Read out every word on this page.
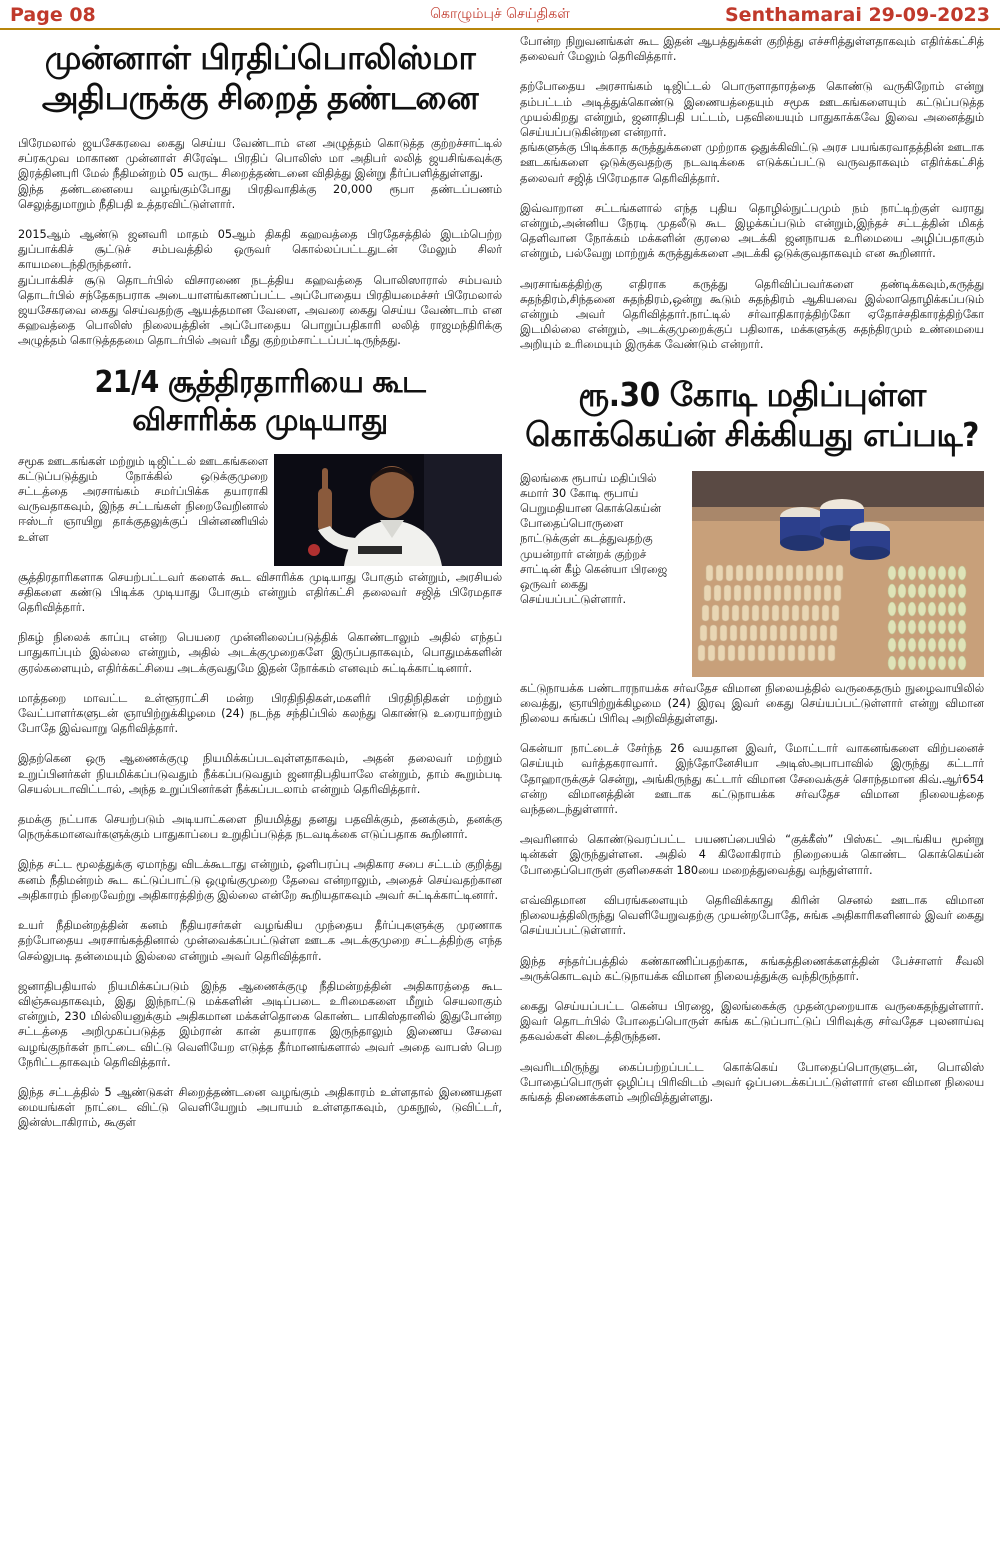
Page 08	கொழும்புச் செய்திகள்	Senthamarai 29-09-2023
முன்னாள் பிரதிப்பொலிஸ்மா
அதிபருக்கு சிறைத் தண்டனை

பிரேமலால் ஜயசேகரவை கைது செய்ய வேண்டாம் என அழுத்தம் கொடுத்த குற்றச்சாட்டில் சப்ரகமுவ மாகாண முன்னாள் சிரேஷ்ட பிரதிப் பொலிஸ் மா அதிபர் லலித் ஜயசிங்கவுக்கு இரத்தினபுரி மேல் நீதிமன்றம் 05 வருட சிறைத்தண்டனை விதித்து இன்று தீர்ப்பளித்துள்ளது.

இந்த தண்டனையை வழங்கும்போது பிரதிவாதிக்கு 20,000 ரூபா தண்டப்பணம் செலுத்துமாறும் நீதிபதி உத்தரவிட்டுள்ளார்.

2015ஆம் ஆண்டு ஜனவரி மாதம் 05ஆம் திகதி கஹவத்தை பிரதேசத்தில் இடம்பெற்ற துப்பாக்கிச் சூட்டுச் சம்பவத்தில் ஒருவர் கொல்லப்பட்டதுடன் மேலும் சிலர் காயமடைந்திருந்தனர்.

துப்பாக்கிச் சூடு தொடர்பில் விசாரணை நடத்திய கஹவத்தை பொலிஸாரால் சம்பவம் தொடர்பில் சந்தேகநபராக அடையாளங்காணப்பட்ட அப்போதைய பிரதியமைச்சர் பிரேமலால் ஜயசேகரவை கைது செய்வதற்கு ஆயத்தமான வேளை, அவரை கைது செய்ய வேண்டாம் என கஹவத்தை பொலிஸ் நிலையத்தின் அப்போதைய பொறுப்பதிகாரி லலித் ராஜமந்திரிக்கு அழுத்தம் கொடுத்ததமை தொடர்பில் அவர் மீது குற்றம்சாட்டப்பட்டிருந்தது.

21/4 சூத்திரதாரியை கூட
விசாரிக்க முடியாது

சமூக ஊடகங்கள் மற்றும் டிஜிட்டல் ஊடகங்களை கட்டுப்படுத்தும் நோக்கில் ஒடுக்குமுறை சட்டத்தை அரசாங்கம் சமர்ப்பிக்க தயாராகி வருவதாகவும், இந்த சட்டங்கள் நிறைவேறினால் ஈஸ்டர் ஞாயிறு தாக்குதலுக்குப் பின்னணியில் உள்ள

சூத்திரதாரிகளாக செயற்பட்டவர் களைக் கூட விசாரிக்க முடியாது போகும் என்றும், அரசியல் சதிகளை கண்டு பிடிக்க முடியாது போகும் என்றும் எதிர்கட்சி தலைவர் சஜித் பிரேமதாச தெரிவித்தார்.

நிகழ் நிலைக் காப்பு என்ற பெயரை முன்னிலைப்படுத்திக் கொண்டாலும் அதில் எந்தப் பாதுகாப்பும் இல்லை என்றும், அதில் அடக்குமுறைகளே இருப்பதாகவும், பொதுமக்களின் குரல்களையும், எதிர்க்கட்சியை அடக்குவதுமே இதன் நோக்கம் எனவும் சுட்டிக்காட்டினார்.

மாத்தறை மாவட்ட உள்ளூராட்சி மன்ற பிரதிநிதிகள்,மகளிர் பிரதிநிதிகள் மற்றும் வேட்பாளர்களுடன் ஞாயிற்றுக்கிழமை (24) நடந்த சந்திப்பில் கலந்து கொண்டு உரையாற்றும் போதே இவ்வாறு தெரிவித்தார்.

இதற்கென ஒரு ஆணைக்குழு நியமிக்கப்படவுள்ளதாகவும், அதன் தலைவர் மற்றும் உறுப்பினர்கள் நியமிக்கப்படுவதும் நீக்கப்படுவதும் ஜனாதிபதியாலே என்றும், தாம் கூறும்படி செயல்படாவிட்டால், அந்த உறுப்பினர்கள் நீக்கப்படலாம் என்றும் தெரிவித்தார்.

தமக்கு நட்பாக செயற்படும் அடியாட்களை நியமித்து தனது பதவிக்கும், தனக்கும், தனக்கு நெருக்கமானவர்களுக்கும் பாதுகாப்பை உறுதிப்படுத்த நடவடிக்கை எடுப்பதாக கூறினார்.

இந்த சட்ட மூலத்துக்கு ஏமாந்து விடக்கூடாது என்றும், ஒளிபரப்பு அதிகார சபை சட்டம் குறித்து கனம் நீதிமன்றம் கூட கட்டுப்பாட்டு ஒழுங்குமுறை தேவை என்றாலும், அதைச் செய்வதற்கான அதிகாரம் நிறைவேற்று அதிகாரத்திற்கு இல்லை என்றே கூறியதாகவும் அவர் சுட்டிக்காட்டினார்.

உயர் நீதிமன்றத்தின் கனம் நீதியரசர்கள் வழங்கிய முந்தைய தீர்ப்புகளுக்கு முரணாக தற்போதைய அரசாங்கத்தினால் முன்வைக்கப்பட்டுள்ள ஊடக அடக்குமுறை சட்டத்திற்கு எந்த செல்லுபடி தன்மையும் இல்லை என்றும் அவர் தெரிவித்தார்.

ஜனாதிபதியால் நியமிக்கப்படும் இந்த ஆணைக்குழு நீதிமன்றத்தின் அதிகாரத்தை கூட விஞ்சுவதாகவும், இது இந்நாட்டு மக்களின் அடிப்படை உரிமைகளை மீறும் செயலாகும் என்றும், 230 மில்லியனுக்கும் அதிகமான மக்கள்தொகை கொண்ட பாகிஸ்தானில் இதுபோன்ற சட்டத்தை அறிமுகப்படுத்த இம்ரான் கான் தயாராக இருந்தாலும் இணைய சேவை வழங்குநர்கள் நாட்டை விட்டு வெளியேற எடுத்த தீர்மானங்களால் அவர் அதை வாபஸ் பெற நேரிட்டதாகவும் தெரிவித்தார்.

இந்த சட்டத்தில் 5 ஆண்டுகள் சிறைத்தண்டனை வழங்கும் அதிகாரம் உள்ளதால் இணையதள மையங்கள் நாட்டை விட்டு வெளியேறும் அபாயம் உள்ளதாகவும், முகநூல், டுவிட்டர், இன்ஸ்டாகிராம், கூகுள்

போன்ற நிறுவனங்கள் கூட இதன் ஆபத்துக்கள் குறித்து எச்சரித்துள்ளதாகவும் எதிர்க்கட்சித் தலைவர் மேலும் தெரிவித்தார்.

தற்போதைய அரசாங்கம் டிஜிட்டல் பொருளாதாரத்தை கொண்டு வருகிறோம் என்று தம்பட்டம் அடித்துக்கொண்டு இணையத்தையும் சமூக ஊடகங்களையும் கட்டுப்படுத்த முயல்கிறது என்றும், ஜனாதிபதி பட்டம், பதவியையும் பாதுகாக்கவே இவை அனைத்தும் செய்யப்படுகின்றன என்றார்.

தங்களுக்கு பிடிக்காத கருத்துக்களை முற்றாக ஒதுக்கிவிட்டு அரச பயங்கரவாதத்தின் ஊடாக ஊடகங்களை ஒடுக்குவதற்கு நடவடிக்கை எடுக்கப்பட்டு வருவதாகவும் எதிர்க்கட்சித் தலைவர் சஜித் பிரேமதாச தெரிவித்தார்.

இவ்வாறான சட்டங்களால் எந்த புதிய தொழில்நுட்பமும் நம் நாட்டிற்குள் வராது என்றும்,அன்னிய நேரடி முதலீடு கூட இழக்கப்படும் என்றும்,இந்தச் சட்டத்தின் மிகத் தெளிவான நோக்கம் மக்களின் குரலை அடக்கி ஜனநாயக உரிமையை அழிப்பதாகும் என்றும், பல்வேறு மாற்றுக் கருத்துக்களை அடக்கி ஒடுக்குவதாகவும் என கூறினார்.

அரசாங்கத்திற்கு எதிராக கருத்து தெரிவிப்பவர்களை தண்டிக்கவும்,கருத்து சுதந்திரம்,சிந்தனை சுதந்திரம்,ஒன்று கூடும் சுதந்திரம் ஆகியவை இல்லாதொழிக்கப்படும் என்றும் அவர் தெரிவித்தார்.நாட்டில் சர்வாதிகாரத்திற்கோ ஏதோச்சதிகாரத்திற்கோ இடமில்லை என்றும், அடக்குமுறைக்குப் பதிலாக, மக்களுக்கு சுதந்திரமும் உண்மையை அறியும் உரிமையும் இருக்க வேண்டும் என்றார்.

ரூ.30 கோடி மதிப்புள்ள
கொக்கெய்ன் சிக்கியது எப்படி?

இலங்கை ரூபாய் மதிப்பில் சுமார் 30 கோடி ரூபாய் பெறுமதியான கொக்கெய்ன் போதைப்பொருளை நாட்டுக்குள் கடத்துவதற்கு முயன்றார் என்றக் குற்றச் சாட்டின் கீழ் கென்யா பிரஜை ஒருவர் கைது செய்யப்பட்டுள்ளார்.

கட்டுநாயக்க பண்டாரநாயக்க சர்வதேச விமான நிலையத்தில் வருகைதரும் நுழைவாயிலில் வைத்து, ஞாயிற்றுக்கிழமை (24) இரவு இவர் கைது செய்யப்பட்டுள்ளார் என்று விமான நிலைய சுங்கப் பிரிவு அறிவித்துள்ளது.

கென்யா நாட்டைச் சேர்ந்த 26 வயதான இவர், மோட்டார் வாகனங்களை விற்பனைச் செய்யும் வர்த்தகராவார். இந்தோனேசியா அடிஸ்அபாபாவில் இருந்து கட்டார் தோஹாருக்குச் சென்று, அங்கிருந்து கட்டார் விமான சேவைக்குச் சொந்தமான கிவ்.ஆர்654 என்ற விமானத்தின் ஊடாக கட்டுநாயக்க சர்வதேச விமான நிலையத்தை வந்தடைந்துள்ளார்.

அவரினால் கொண்டுவரப்பட்ட பயணப்பையில் “குக்கீஸ்” பிஸ்கட் அடங்கிய மூன்று டின்கள் இருந்துள்ளன. அதில் 4 கிலோகிராம் நிறையைக் கொண்ட கொக்கெய்ன் போதைப்பொருள் குளிசைகள் 180யை மறைத்துவைத்து வந்துள்ளார்.

எவ்விதமான விபரங்களையும் தெரிவிக்காது கிரின் செனல் ஊடாக விமான நிலையத்திலிருந்து வெளியேறுவதற்கு முயன்றபோதே, சுங்க அதிகாரிகளினால் இவர் கைது செய்யப்பட்டுள்ளார்.

இந்த சந்தர்ப்பத்தில் கண்காணிப்பதற்காக, சுங்கத்திணைக்களத்தின் பேச்சாளர் சீவலி அருக்கொடவும் கட்டுநாயக்க விமான நிலையத்துக்கு வந்திருந்தார்.

கைது செய்யப்பட்ட கென்ய பிரஜை, இலங்கைக்கு முதன்முறையாக வருகைதந்துள்ளார். இவர் தொடர்பில் போதைப்பொருள் சுங்க கட்டுப்பாட்டுப் பிரிவுக்கு சர்வதேச புலனாய்வு தகவல்கள் கிடைத்திருந்தன.

அவரிடமிருந்து கைப்பற்றப்பட்ட கொக்கெய் போதைப்பொருளுடன், பொலிஸ் போதைப்பொருள் ஒழிப்பு பிரிவிடம் அவர் ஒப்படைக்கப்பட்டுள்ளார் என விமான நிலைய சுங்கத் திணைக்களம் அறிவித்துள்ளது.
